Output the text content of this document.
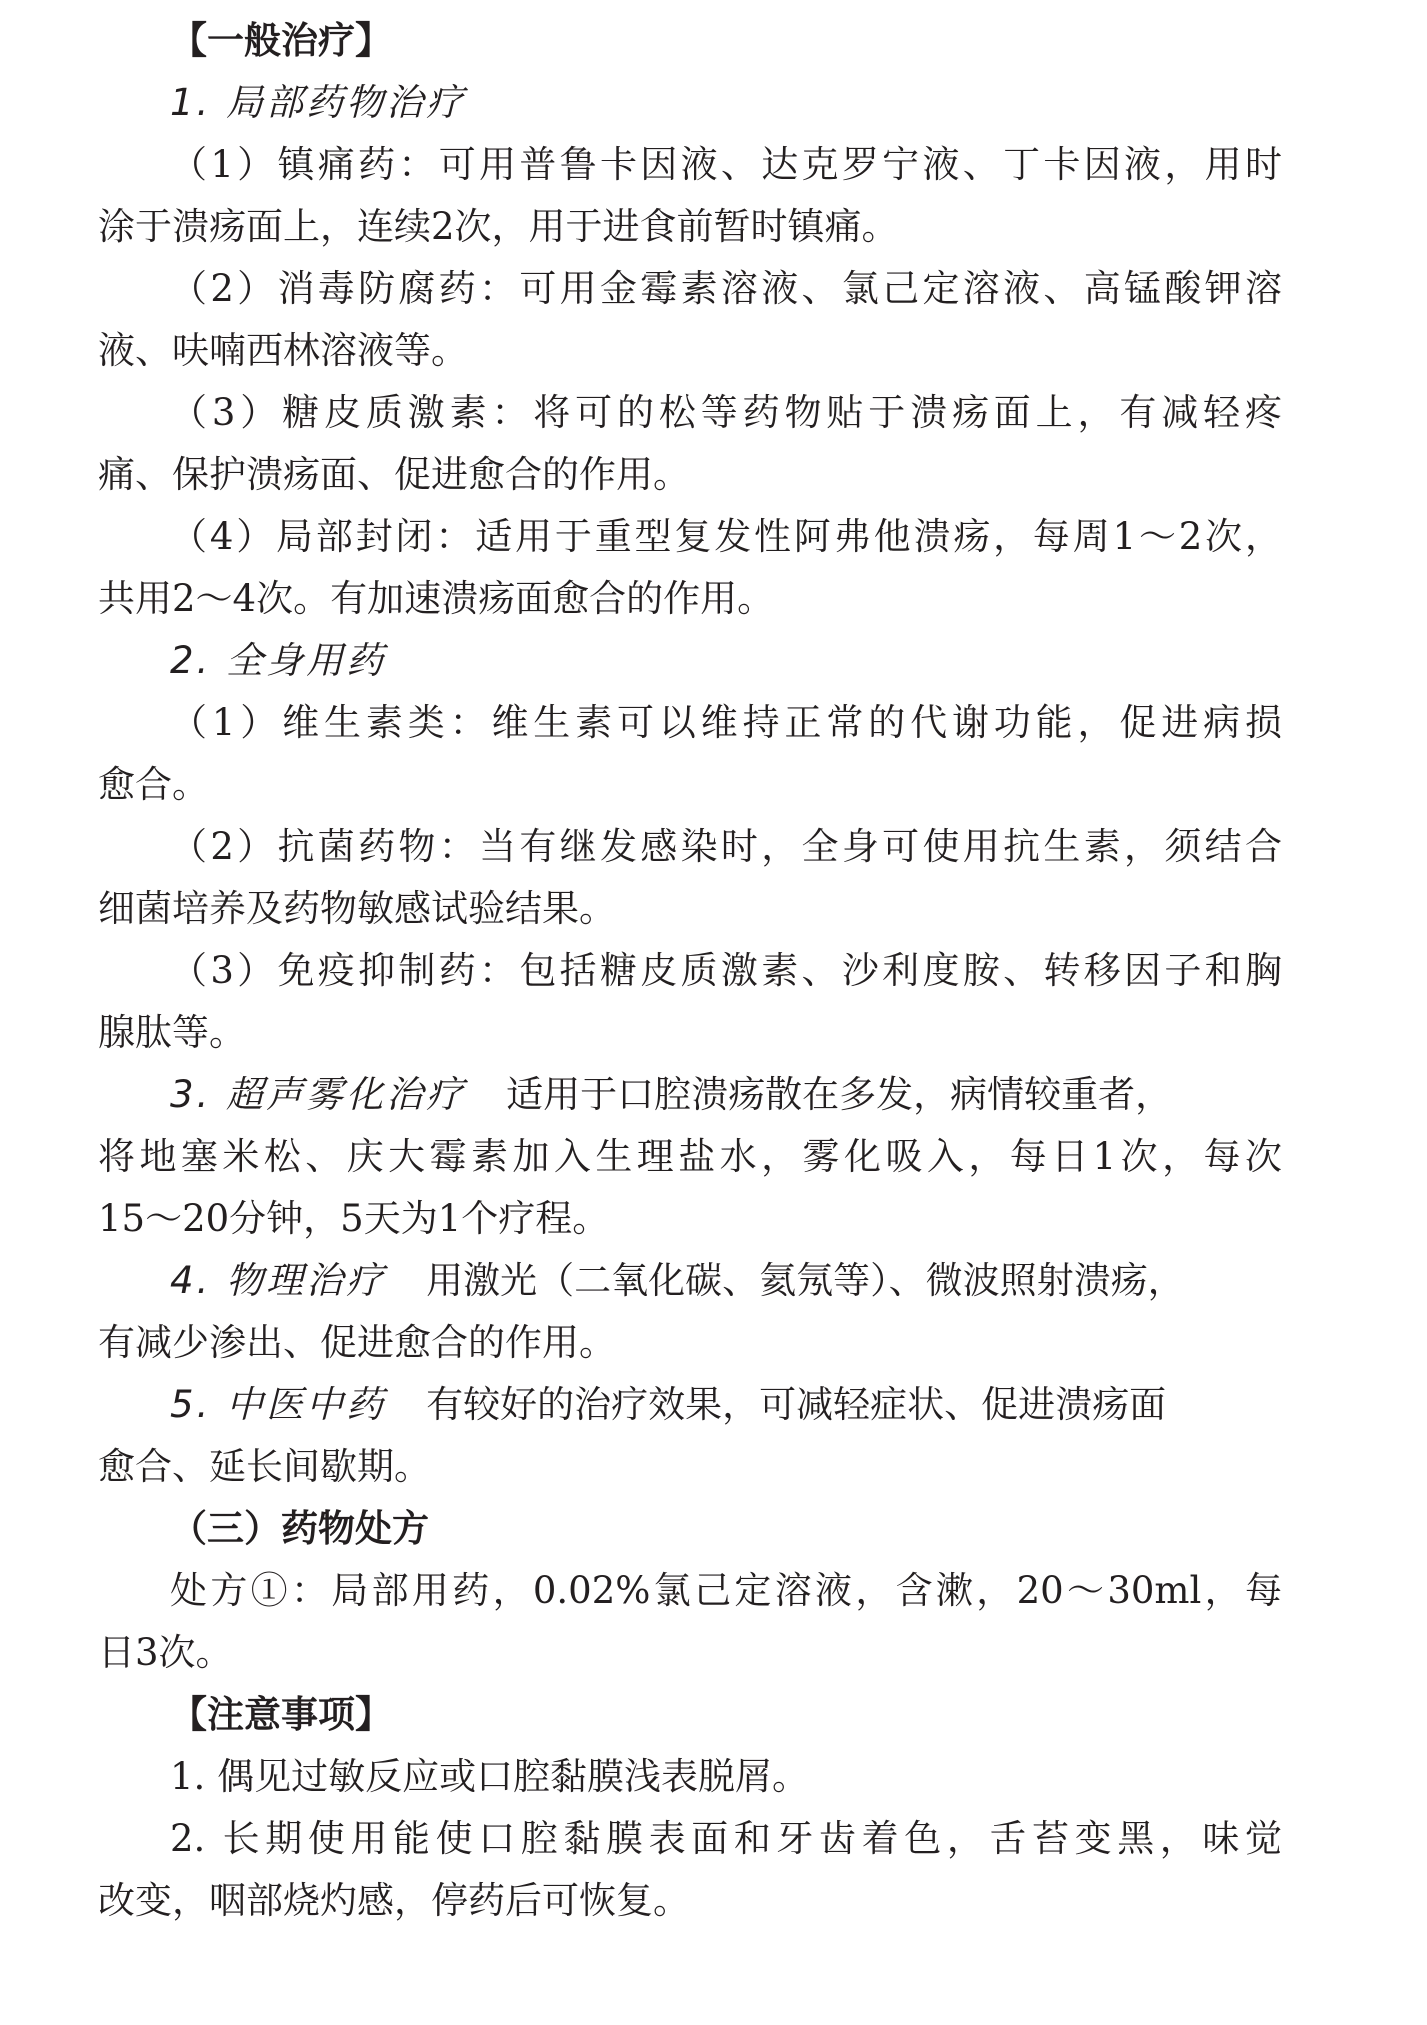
【一般治疗】
1. 局部药物治疗
（1）镇痛药：可用普鲁卡因液、达克罗宁液、丁卡因液，用时
涂于溃疡面上，连续2次，用于进食前暂时镇痛。
（2）消毒防腐药：可用金霉素溶液、氯己定溶液、高锰酸钾溶
液、呋喃西林溶液等。
（3）糖皮质激素：将可的松等药物贴于溃疡面上，有减轻疼
痛、保护溃疡面、促进愈合的作用。
（4）局部封闭：适用于重型复发性阿弗他溃疡，每周1～2次，
共用2～4次。有加速溃疡面愈合的作用。
2. 全身用药
（1）维生素类：维生素可以维持正常的代谢功能，促进病损
愈合。
（2）抗菌药物：当有继发感染时，全身可使用抗生素，须结合
细菌培养及药物敏感试验结果。
（3）免疫抑制药：包括糖皮质激素、沙利度胺、转移因子和胸
腺肽等。
3. 超声雾化治疗 适用于口腔溃疡散在多发，病情较重者，
将地塞米松、庆大霉素加入生理盐水，雾化吸入，每日1次，每次
15～20分钟，5天为1个疗程。
4. 物理治疗 用激光（二氧化碳、氦氖等）、微波照射溃疡，
有减少渗出、促进愈合的作用。
5. 中医中药 有较好的治疗效果，可减轻症状、促进溃疡面
愈合、延长间歇期。
（三）药物处方
处方①：局部用药，0.02%氯己定溶液，含漱，20～30ml，每
日3次。
【注意事项】
1. 偶见过敏反应或口腔黏膜浅表脱屑。
2. 长期使用能使口腔黏膜表面和牙齿着色，舌苔变黑，味觉
改变，咽部烧灼感，停药后可恢复。
